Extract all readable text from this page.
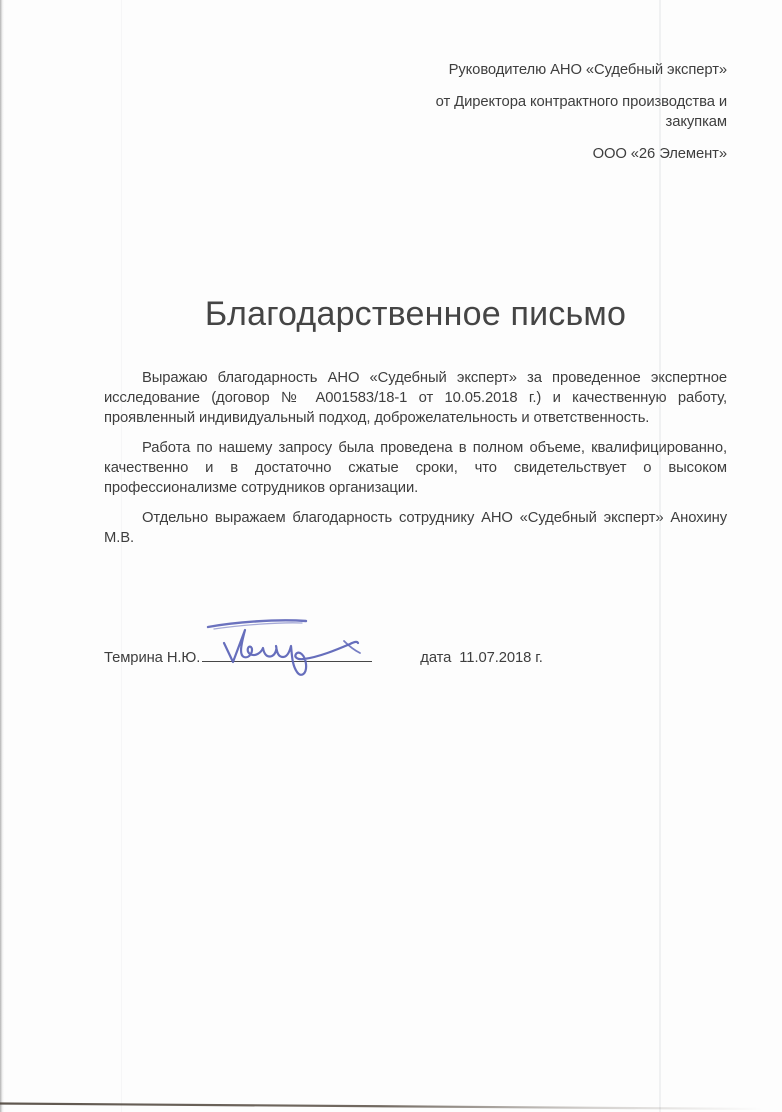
Руководителю АНО «Судебный эксперт»
от Директора контрактного производства и
закупкам
ООО «26 Элемент»
Благодарственное письмо

Выражаю благодарность АНО «Судебный эксперт» за проведенное экспертное исследование (договор № А001583/18-1 от 10.05.2018 г.) и качественную работу, проявленный индивидуальный подход, доброжелательность и ответственность.

Работа по нашему запросу была проведена в полном объеме, квалифицированно, качественно и в достаточно сжатые сроки, что свидетельствует о высоком профессионализме сотрудников организации.

Отдельно выражаем благодарность сотруднику АНО «Судебный эксперт» Анохину М.В.

Темрина Н.Ю.	дата 11.07.2018 г.
